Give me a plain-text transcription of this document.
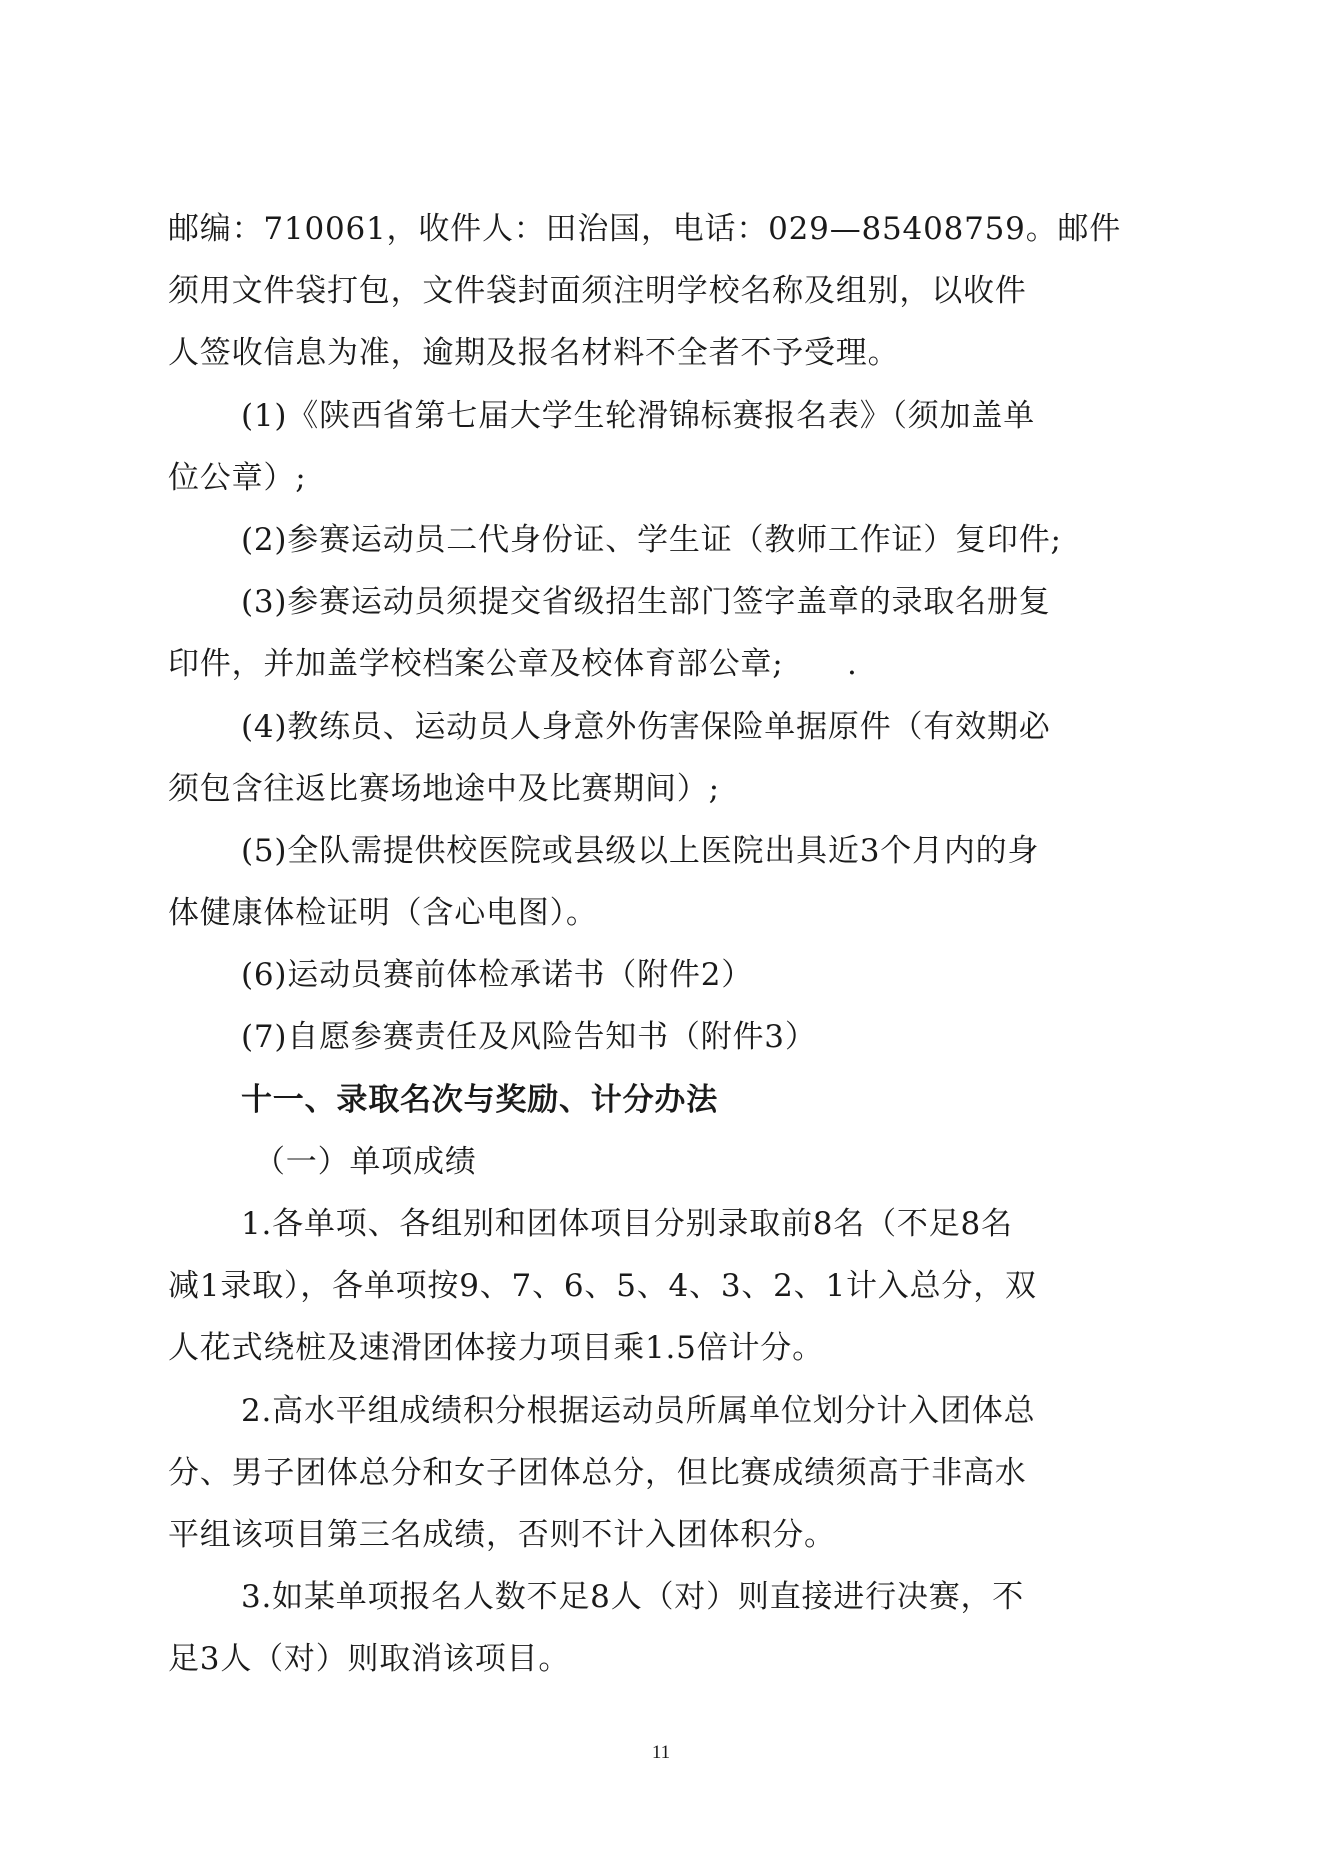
邮编：710061，收件人：田治国，电话：029—85408759。邮件
须用文件袋打包，文件袋封面须注明学校名称及组别，以收件
人签收信息为准，逾期及报名材料不全者不予受理。
(1)《陕西省第七届大学生轮滑锦标赛报名表》（须加盖单
位公章）;
(2)参赛运动员二代身份证、学生证（教师工作证）复印件;
(3)参赛运动员须提交省级招生部门签字盖章的录取名册复
印件，并加盖学校档案公章及校体育部公章;　　.
(4)教练员、运动员人身意外伤害保险单据原件（有效期必
须包含往返比赛场地途中及比赛期间）;
(5)全队需提供校医院或县级以上医院出具近3个月内的身
体健康体检证明（含心电图）。
(6)运动员赛前体检承诺书（附件2）
(7)自愿参赛责任及风险告知书（附件3）
十一、录取名次与奖励、计分办法
（一）单项成绩
1.各单项、各组别和团体项目分别录取前8名（不足8名
减1录取），各单项按9、7、6、5、4、3、2、1计入总分，双
人花式绕桩及速滑团体接力项目乘1.5倍计分。
2.高水平组成绩积分根据运动员所属单位划分计入团体总
分、男子团体总分和女子团体总分，但比赛成绩须高于非高水
平组该项目第三名成绩，否则不计入团体积分。
3.如某单项报名人数不足8人（对）则直接进行决赛，不
足3人（对）则取消该项目。
11
